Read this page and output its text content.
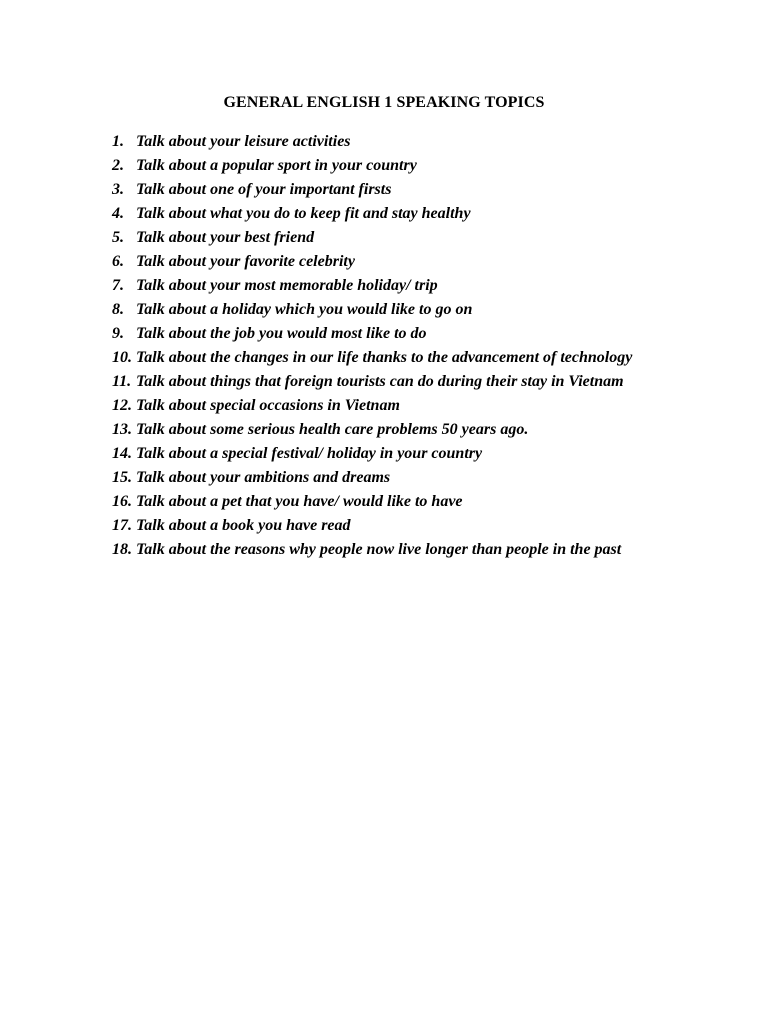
GENERAL ENGLISH 1 SPEAKING TOPICS
1. Talk about your leisure activities
2. Talk about a popular sport in your country
3. Talk about one of your important firsts
4. Talk about what you do to keep fit and stay healthy
5. Talk about your best friend
6. Talk about your favorite celebrity
7. Talk about your most memorable holiday/ trip
8. Talk about a holiday which you would like to go on
9. Talk about the job you would most like to do
10. Talk about the changes in our life thanks to the advancement of technology
11. Talk about things that foreign tourists can do during their stay in Vietnam
12. Talk about special occasions in Vietnam
13. Talk about some serious health care problems 50 years ago.
14. Talk about a special festival/ holiday in your country
15. Talk about your ambitions and dreams
16. Talk about a pet that you have/ would like to have
17. Talk about a book you have read
18. Talk about the reasons why people now live longer than people in the past
